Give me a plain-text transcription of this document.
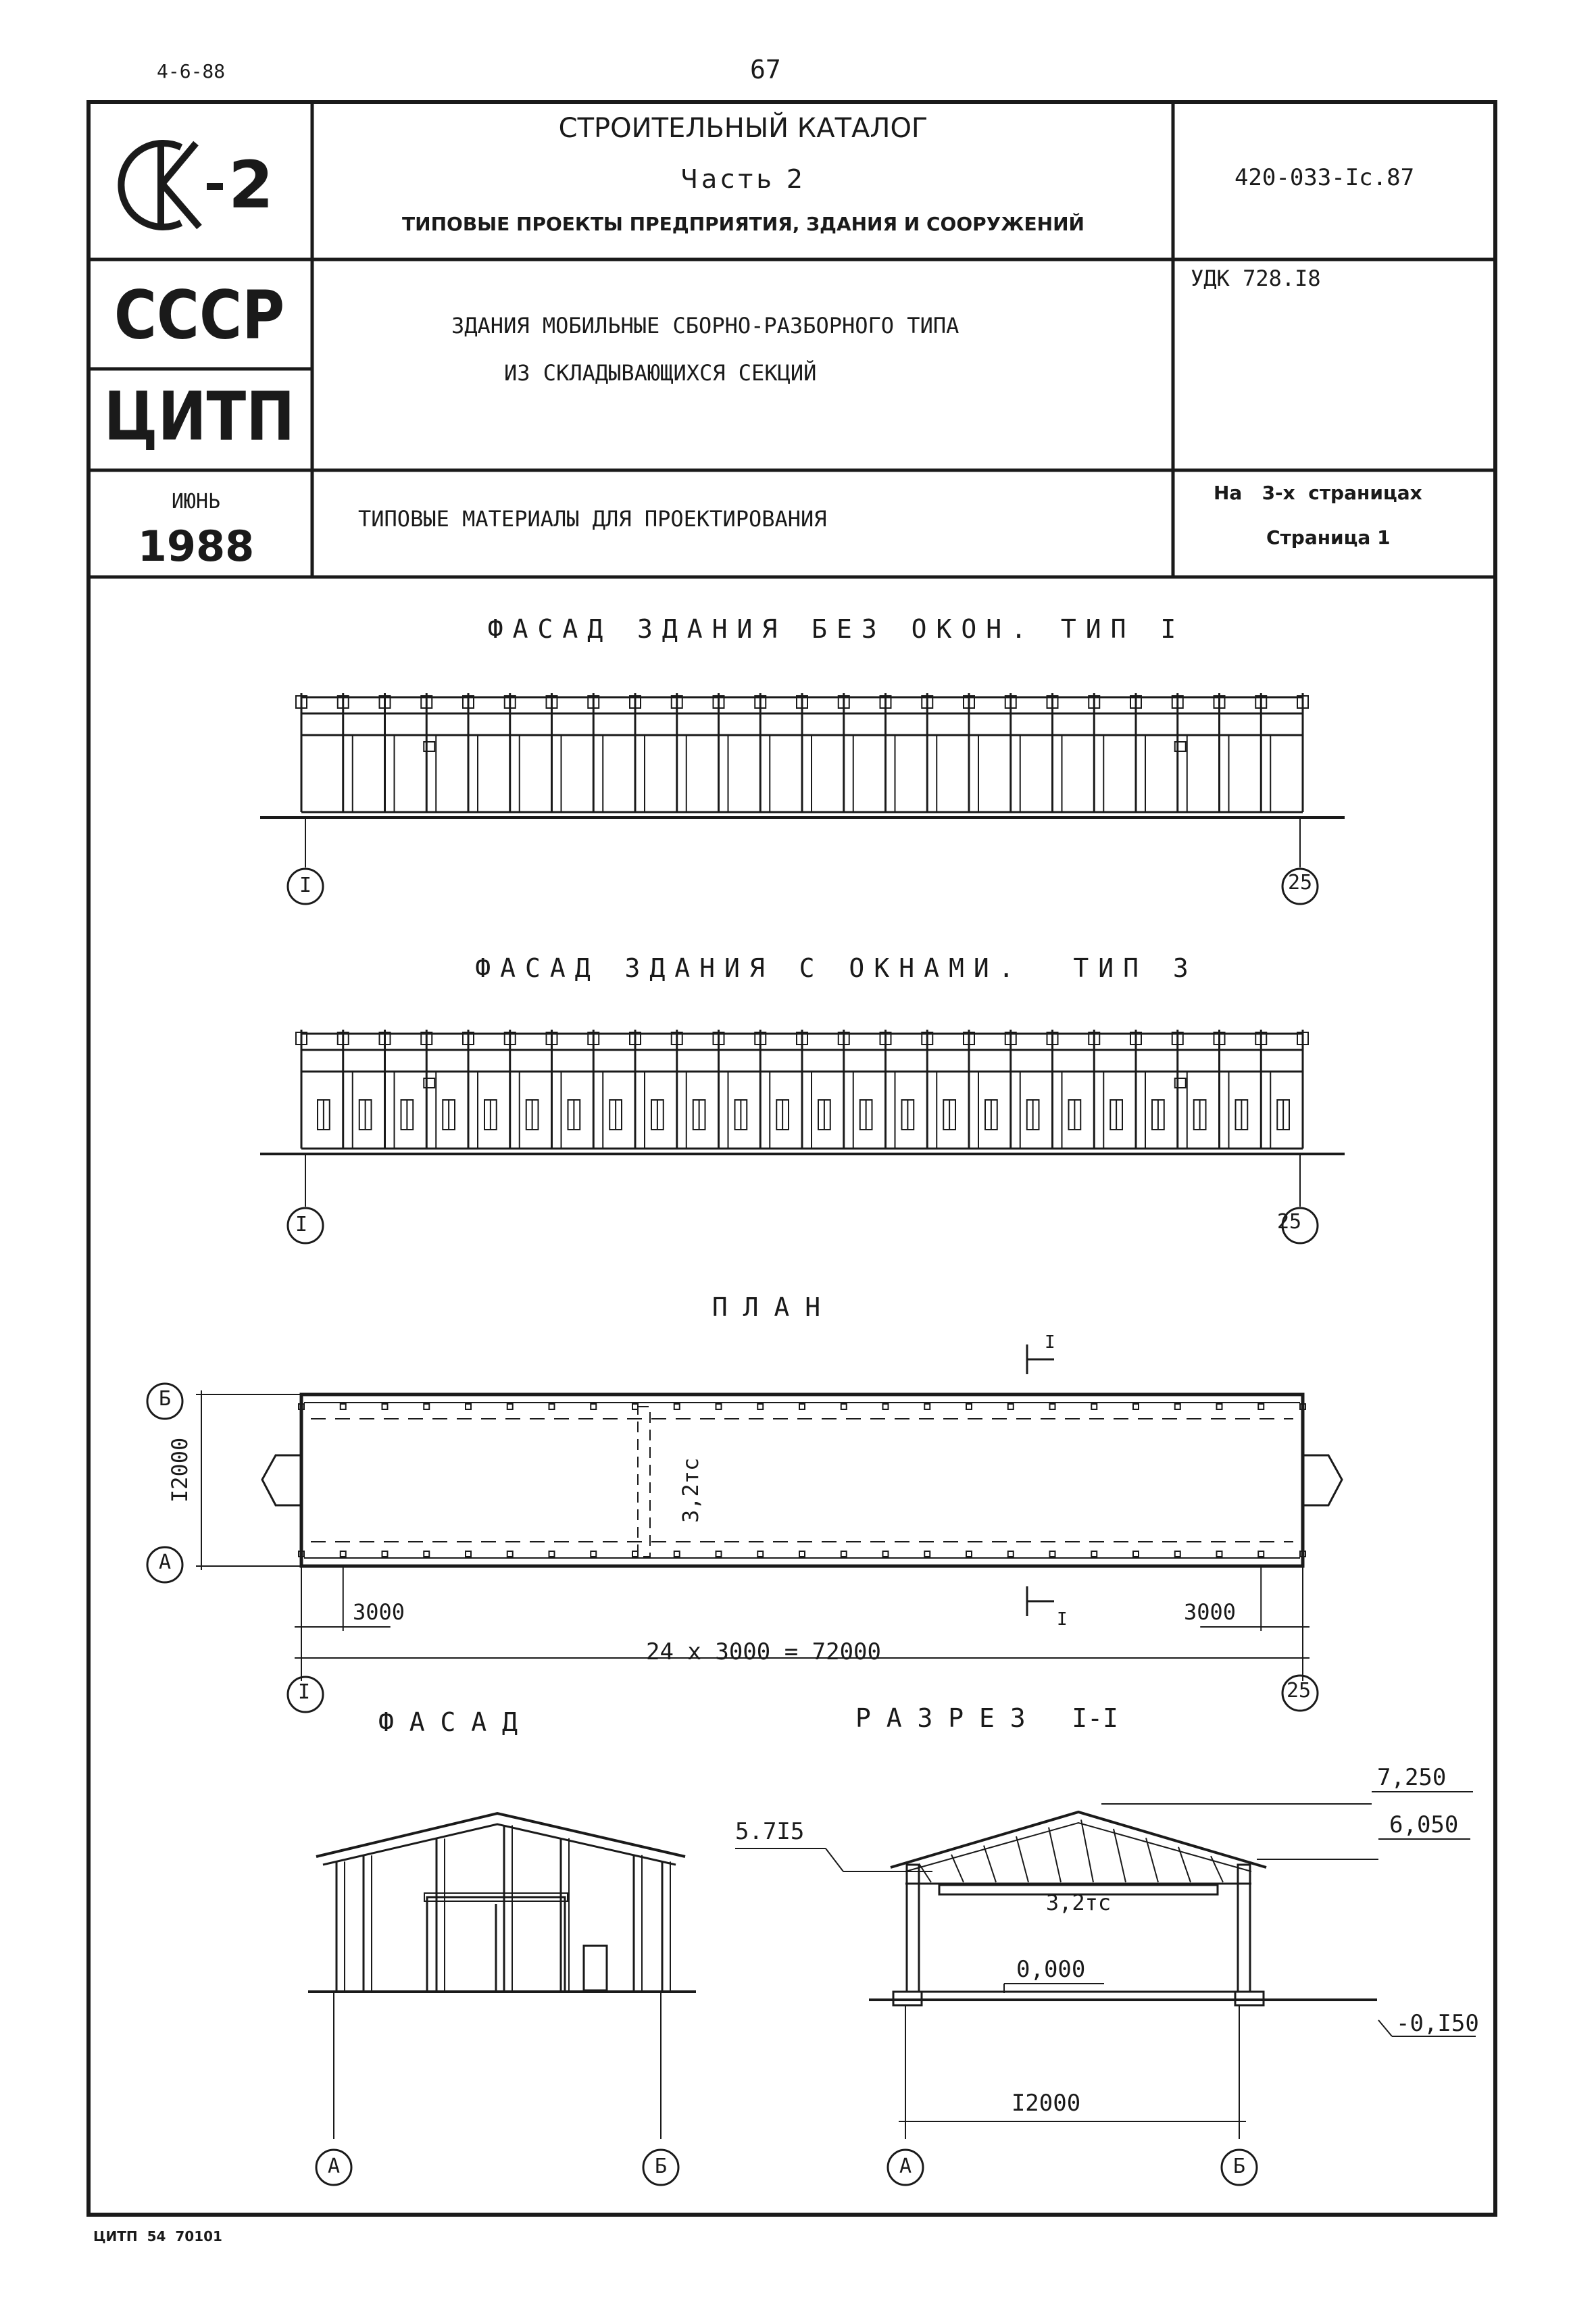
4-6-88	67
2
СССР
ЦИТП
ИЮНЬ
1988
СТРОИТЕЛЬНЫЙ КАТАЛОГ
Часть 2
ТИПОВЫЕ ПРОЕКТЫ ПРЕДПРИЯТИЯ, ЗДАНИЯ И СООРУЖЕНИЙ
420-033-Iс.87
УДК 728.I8
ЗДАНИЯ МОБИЛЬНЫЕ СБОРНО-РАЗБОРНОГО ТИПА
ИЗ СКЛАДЫВАЮЩИХСЯ СЕКЦИЙ
ТИПОВЫЕ МАТЕРИАЛЫ ДЛЯ ПРОЕКТИРОВАНИЯ
На   3-х  страницах
Страница 1
ФАСАД ЗДАНИЯ БЕЗ ОКОН. ТИП I
ФАСАД ЗДАНИЯ С ОКНАМИ.  ТИП 3
П Л А Н
Ф А С А Д	Р А З Р Е З   I-I
I	25
I	25
Б
А
I	25
А	Б	А	Б
I2000	3,2тс
I
I
3000	3000
24 x 3000 = 72000
7,250
6,050
5.7I5
3,2тс
0,000
-0,I50
I2000
ЦИТП  54  70101
